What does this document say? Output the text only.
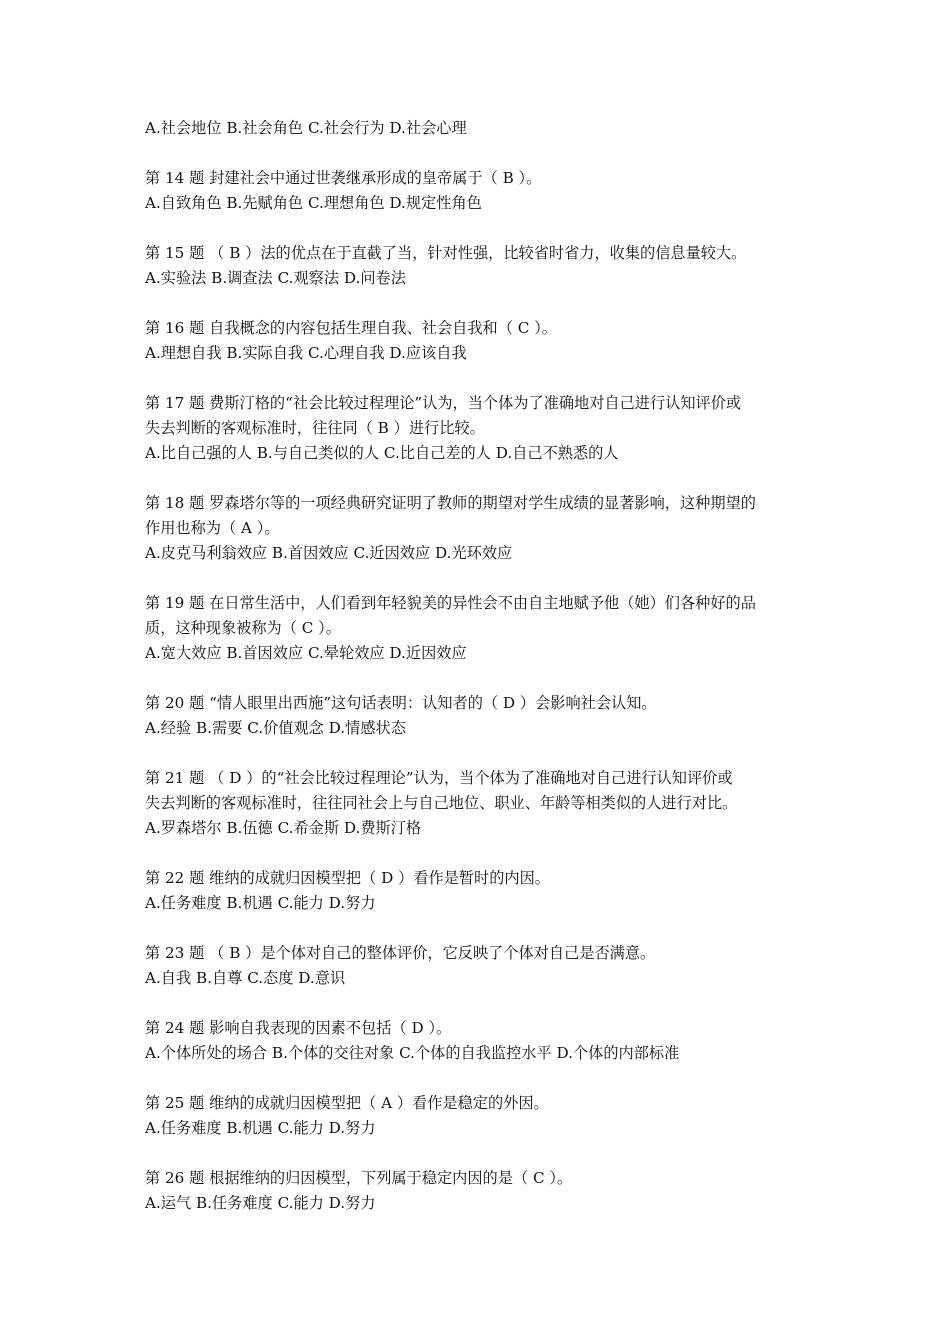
A.社会地位 B.社会角色 C.社会行为 D.社会心理
第 14 题 封建社会中通过世袭继承形成的皇帝属于（ B ）。
A.自致角色 B.先赋角色 C.理想角色 D.规定性角色
第 15 题 （ B ）法的优点在于直截了当，针对性强，比较省时省力，收集的信息量较大。
A.实验法 B.调查法 C.观察法 D.问卷法
第 16 题 自我概念的内容包括生理自我、社会自我和（ C ）。
A.理想自我 B.实际自我 C.心理自我 D.应该自我
第 17 题 费斯汀格的“社会比较过程理论”认为，当个体为了准确地对自己进行认知评价或
失去判断的客观标准时，往往同（ B ）进行比较。
A.比自己强的人 B.与自己类似的人 C.比自己差的人 D.自己不熟悉的人
第 18 题 罗森塔尔等的一项经典研究证明了教师的期望对学生成绩的显著影响，这种期望的
作用也称为（ A ）。
A.皮克马利翁效应 B.首因效应 C.近因效应 D.光环效应
第 19 题 在日常生活中，人们看到年轻貌美的异性会不由自主地赋予他（她）们各种好的品
质，这种现象被称为（ C ）。
A.宽大效应 B.首因效应 C.晕轮效应 D.近因效应
第 20 题 “情人眼里出西施”这句话表明：认知者的（ D ）会影响社会认知。
A.经验 B.需要 C.价值观念 D.情感状态
第 21 题 （ D ）的“社会比较过程理论”认为，当个体为了准确地对自己进行认知评价或
失去判断的客观标准时，往往同社会上与自己地位、职业、年龄等相类似的人进行对比。
A.罗森塔尔 B.伍德 C.希金斯 D.费斯汀格
第 22 题 维纳的成就归因模型把（ D ）看作是暂时的内因。
A.任务难度 B.机遇 C.能力 D.努力
第 23 题 （ B ）是个体对自己的整体评价，它反映了个体对自己是否满意。
A.自我 B.自尊 C.态度 D.意识
第 24 题 影响自我表现的因素不包括（ D ）。
A.个体所处的场合 B.个体的交往对象 C.个体的自我监控水平 D.个体的内部标准
第 25 题 维纳的成就归因模型把（ A ）看作是稳定的外因。
A.任务难度 B.机遇 C.能力 D.努力
第 26 题 根据维纳的归因模型，下列属于稳定内因的是（ C ）。
A.运气 B.任务难度 C.能力 D.努力
